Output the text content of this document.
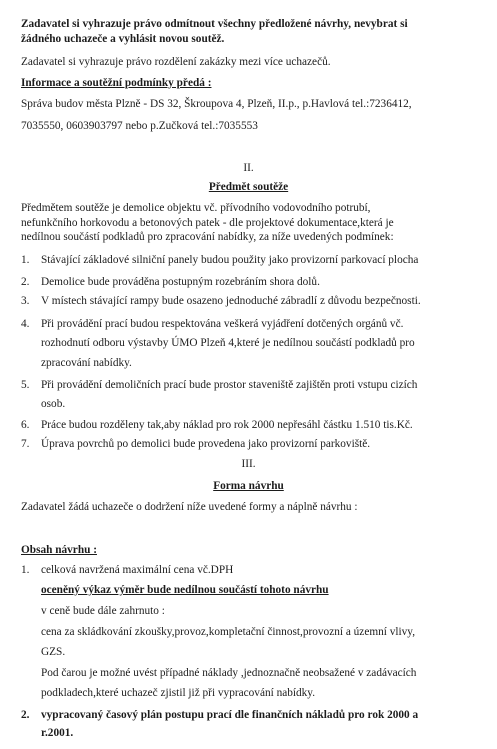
Zadavatel si vyhrazuje právo odmítnout všechny předložené návrhy, nevybrat si
žádného uchazeče a vyhlásit novou soutěž.
Zadavatel si vyhrazuje právo rozdělení zakázky mezi více uchazečů.
Informace a soutěžní podmínky předá :
Správa budov města Plzně - DS 32, Škroupova 4, Plzeň, II.p., p.Havlová tel.:7236412,
7035550, 0603903797 nebo p.Zučková tel.:7035553
II.
Předmět soutěže
Předmětem soutěže je demolice objektu vč. přívodního vodovodního potrubí,
nefunkčního horkovodu a betonových patek - dle projektové dokumentace,která je
nedílnou součástí podkladů pro zpracování nabídky, za níže uvedených podmínek:
1. Stávající základové silniční panely budou použity jako provizorní parkovací plocha
2. Demolice bude prováděna postupným rozebráním shora dolů.
3. V místech stávající rampy bude osazeno jednoduché zábradlí z důvodu bezpečnosti.
4. Při provádění prací budou respektována veškerá vyjádření dotčených orgánů vč.
rozhodnutí odboru výstavby ÚMO Plzeň 4,které je nedílnou součástí podkladů pro
zpracování nabídky.
5. Při provádění demoličních prací bude prostor staveniště zajištěn proti vstupu cizích
osob.
6. Práce budou rozděleny tak,aby náklad pro rok 2000 nepřesáhl částku 1.510 tis.Kč.
7. Úprava povrchů po demolici bude provedena jako provizorní parkoviště.
III.
Forma návrhu
Zadavatel žádá uchazeče o dodržení níže uvedené formy a náplně návrhu :
Obsah návrhu :
1. celková navržená maximální cena vč.DPH
oceněný výkaz výměr bude nedílnou součástí tohoto návrhu
v ceně bude dále zahrnuto :
cena za skládkování zkoušky,provoz,kompletační činnost,provozní a územní vlivy,
GZS.
Pod čarou je možné uvést případné náklady ,jednoznačně neobsažené v zadávacích
podkladech,které uchazeč zjistil již při vypracování nabídky.
2. vypracovaný časový plán postupu prací dle finančních nákladů pro rok 2000 a
r.2001.
